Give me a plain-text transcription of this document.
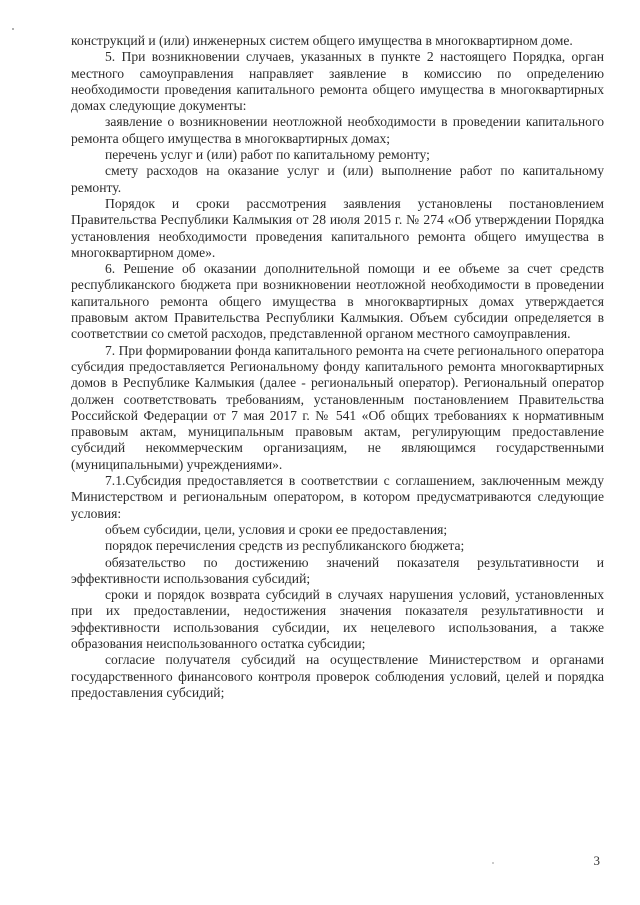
конструкций и (или) инженерных систем общего имущества в многоквартирном доме.

5. При возникновении случаев, указанных в пункте 2 настоящего Порядка, орган местного самоуправления направляет заявление в комиссию по определению необходимости проведения капитального ремонта общего имущества в многоквартирных домах следующие документы:

заявление о возникновении неотложной необходимости в проведении капитального ремонта общего имущества в многоквартирных домах;

перечень услуг и (или) работ по капитальному ремонту;

смету расходов на оказание услуг и (или) выполнение работ по капитальному ремонту.

Порядок и сроки рассмотрения заявления установлены постановлением Правительства Республики Калмыкия от 28 июля 2015 г. № 274 «Об утверждении Порядка установления необходимости проведения капитального ремонта общего имущества в многоквартирном доме».

6. Решение об оказании дополнительной помощи и ее объеме за счет средств республиканского бюджета при возникновении неотложной необходимости в проведении капитального ремонта общего имущества в многоквартирных домах утверждается правовым актом Правительства Республики Калмыкия. Объем субсидии определяется в соответствии со сметой расходов, представленной органом местного самоуправления.

7. При формировании фонда капитального ремонта на счете регионального оператора субсидия предоставляется Региональному фонду капитального ремонта многоквартирных домов в Республике Калмыкия (далее - региональный оператор). Региональный оператор должен соответствовать требованиям, установленным постановлением Правительства Российской Федерации от 7 мая 2017 г. № 541 «Об общих требованиях к нормативным правовым актам, муниципальным правовым актам, регулирующим предоставление субсидий некоммерческим организациям, не являющимся государственными (муниципальными) учреждениями».

7.1.Субсидия предоставляется в соответствии с соглашением, заключенным между Министерством и региональным оператором, в котором предусматриваются следующие условия:

объем субсидии, цели, условия и сроки ее предоставления;

порядок перечисления средств из республиканского бюджета;

обязательство по достижению значений показателя результативности и эффективности использования субсидий;

сроки и порядок возврата субсидий в случаях нарушения условий, установленных при их предоставлении, недостижения значения показателя результативности и эффективности использования субсидии, их нецелевого использования, а также образования неиспользованного остатка субсидии;

согласие получателя субсидий на осуществление Министерством и органами государственного финансового контроля проверок соблюдения условий, целей и порядка предоставления субсидий;

3
